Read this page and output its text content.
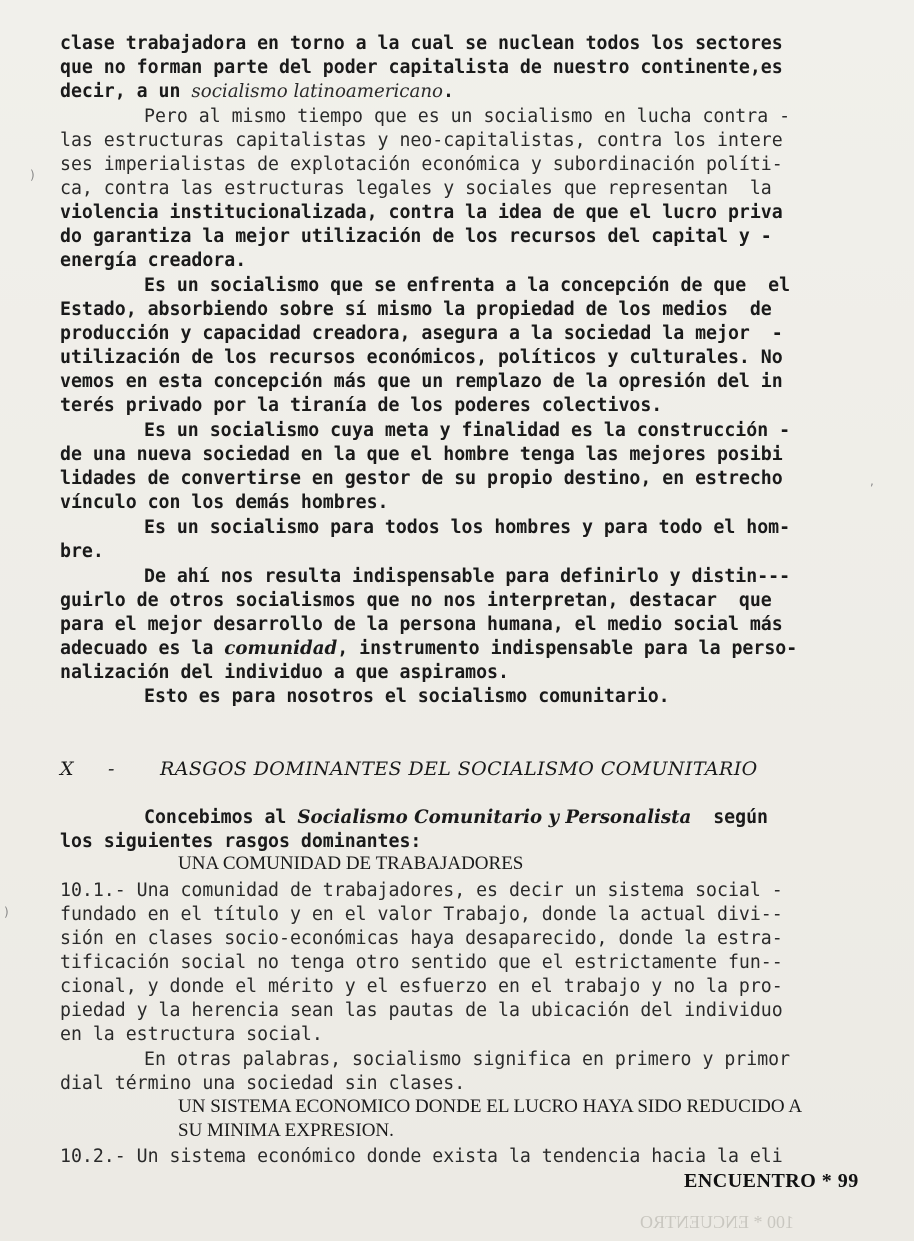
clase trabajadora en torno a la cual se nuclean todos los sectores
que no forman parte del poder capitalista de nuestro continente,es
decir, a un socialismo latinoamericano.
Pero al mismo tiempo que es un socialismo en lucha contra -
las estructuras capitalistas y neo-capitalistas, contra los intere
ses imperialistas de explotación económica y subordinación políti-
ca, contra las estructuras legales y sociales que representan  la
violencia institucionalizada, contra la idea de que el lucro priva
do garantiza la mejor utilización de los recursos del capital y -
energía creadora.
Es un socialismo que se enfrenta a la concepción de que  el
Estado, absorbiendo sobre sí mismo la propiedad de los medios  de
producción y capacidad creadora, asegura a la sociedad la mejor  -
utilización de los recursos económicos, políticos y culturales. No
vemos en esta concepción más que un remplazo de la opresión del in
terés privado por la tiranía de los poderes colectivos.
Es un socialismo cuya meta y finalidad es la construcción -
de una nueva sociedad en la que el hombre tenga las mejores posibi
lidades de convertirse en gestor de su propio destino, en estrecho
vínculo con los demás hombres.
Es un socialismo para todos los hombres y para todo el hom-
bre.
De ahí nos resulta indispensable para definirlo y distin---
guirlo de otros socialismos que no nos interpretan, destacar  que
para el mejor desarrollo de la persona humana, el medio social más
adecuado es la comunidad, instrumento indispensable para la perso-
nalización del individuo a que aspiramos.
Esto es para nosotros el socialismo comunitario.
X - RASGOS DOMINANTES DEL SOCIALISMO COMUNITARIO
Concebimos al Socialismo Comunitario y Personalista  según
los siguientes rasgos dominantes:
UNA COMUNIDAD DE TRABAJADORES
10.1.- Una comunidad de trabajadores, es decir un sistema social -
fundado en el título y en el valor Trabajo, donde la actual divi--
sión en clases socio-económicas haya desaparecido, donde la estra-
tificación social no tenga otro sentido que el estrictamente fun--
cional, y donde el mérito y el esfuerzo en el trabajo y no la pro-
piedad y la herencia sean las pautas de la ubicación del individuo
en la estructura social.
En otras palabras, socialismo significa en primero y primor
dial término una sociedad sin clases.
UN SISTEMA ECONOMICO DONDE EL LUCRO HAYA SIDO REDUCIDO A
SU MINIMA EXPRESION.
10.2.- Un sistema económico donde exista la tendencia hacia la eli
ENCUENTRO * 99
100 * ENCUENTRO
)
)
,
